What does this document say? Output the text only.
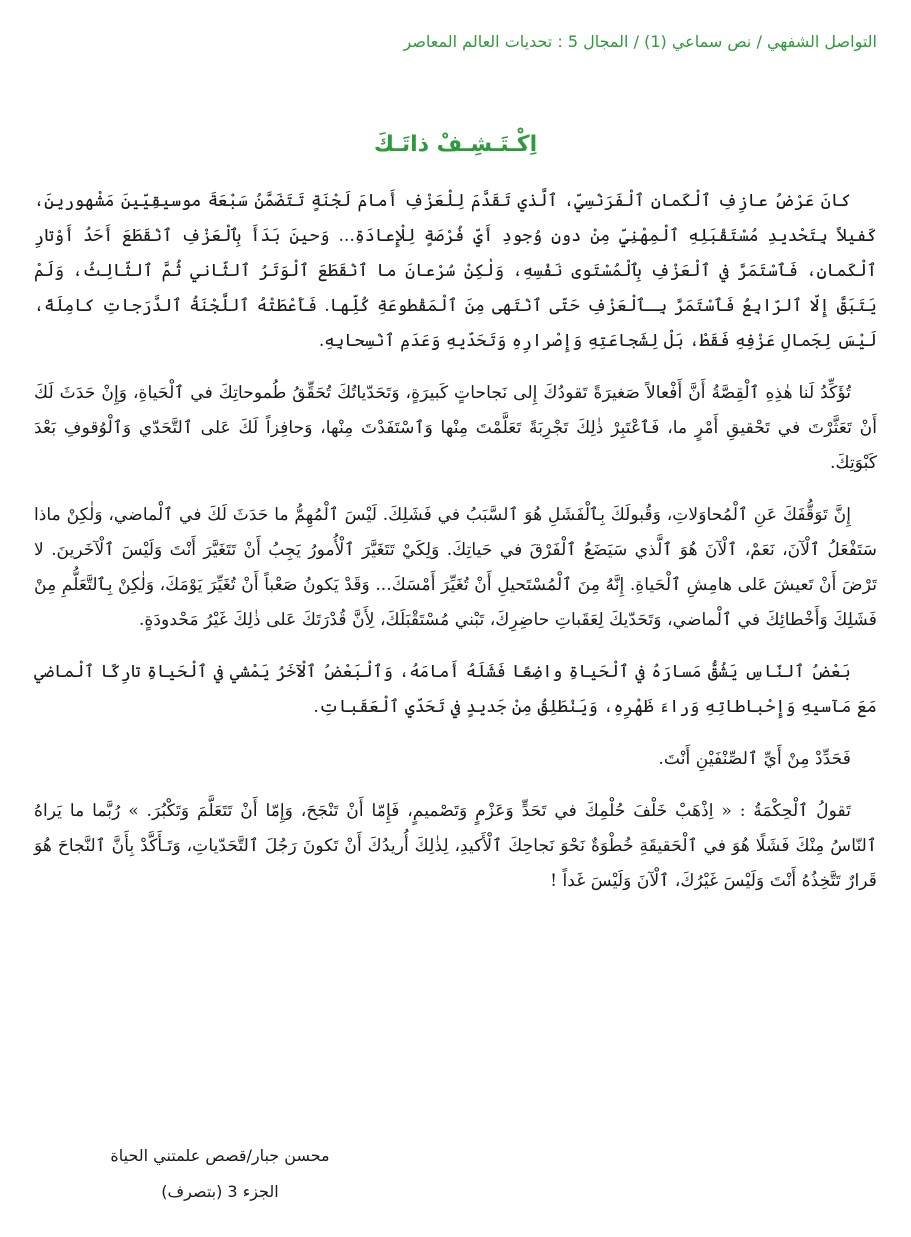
التواصل الشفهي / نص سماعي (1) / المجال 5 : تحديات العالم المعاصر
اِكْـتَـشِـفْ ذاتَـكَ

كانَ عَرْضُ عازِفِ ٱلْكَمانِ ٱلْفَرَنْسِيِّ، ٱلَّذي تَقَدَّمَ لِلْعَزْفِ أَمامَ لَجْنَةٍ تَتَضَمَّنُ سَبْعَةَ موسيقِيّينَ مَشْهورينَ، كَفيلاً بِتَحْديدِ مُسْتَقْبَلِهِ ٱلْمِهْنِيِّ مِنْ دونِ وُجودِ أَيِّ فُرْصَةٍ لِلْإِعادَةِ... وَحينَ بَدَأَ بِٱلْعَزْفِ ٱنْقَطَعَ أَحَدُ أَوْتارِ ٱلْكَمانِ، فَٱسْتَمَرَّ في ٱلْعَزْفِ بِٱلْمُسْتَوى نَفْسِهِ، وَلٰكِنْ سُرْعانَ ما ٱنْقَطَعَ ٱلْوَتَرُ ٱلثّاني ثُمَّ ٱلثّالِثُ، وَلَمْ يَتَبَقَّ إِلّا ٱلرّابِعُ فَٱسْتَمَرَّ بِـٱلْعَزْفِ حَتّى ٱنْتَهى مِنَ ٱلْمَقْطوعَةِ كُلِّها. فَأَعْطَتْهُ ٱللَّجْنَةُ ٱلدَّرَجاتِ كامِلَةً، لَيْسَ لِجَمالِ عَزْفِهِ فَقَطْ، بَلْ لِشَجاعَتِهِ وَإِصْرارِهِ وَتَحَدّيهِ وَعَدَمِ ٱنْسِحابِهِ.

تُؤَكِّدُ لَنا هٰذِهِ ٱلْقِصَّةُ أَنَّ أَفْعالاً صَغيرَةً تَقودُكَ إِلى نَجاحاتٍ كَبيرَةٍ، وَتَحَدّياتُكَ تُحَقِّقُ طُموحاتِكَ في ٱلْحَياةِ، وَإِنْ حَدَثَ لَكَ أَنْ تَعَثَّرْتَ في تَحْقيقِ أَمْرٍ ما، فَٱعْتَبِرْ ذٰلِكَ تَجْرِبَةً تَعَلَّمْتَ مِنْها وَٱسْتَفَدْتَ مِنْها، وَحافِزاً لَكَ عَلى ٱلتَّحَدّي وَٱلْوُقوفِ بَعْدَ كَبْوَتِكَ.

إِنَّ تَوَقُّفَكَ عَنِ ٱلْمُحاوَلاتِ، وَقُبولَكَ بِٱلْفَشَلِ هُوَ ٱلسَّبَبُ في فَشَلِكَ. لَيْسَ ٱلْمُهِمُّ ما حَدَثَ لَكَ في ٱلْماضي، وَلٰكِنْ ماذا سَتَفْعَلُ ٱلْآنَ، نَعَمْ، ٱلْآنَ هُوَ ٱلَّذي سَيَضَعُ ٱلْفَرْقَ في حَياتِكَ. وَلِكَيْ تَتَغَيَّرَ ٱلْأُمورُ يَجِبُ أَنْ تَتَغَيَّرَ أَنْتَ وَلَيْسَ ٱلْآخَرينَ. لا تَرْضَ أَنْ تَعيشَ عَلى هامِشِ ٱلْحَياةِ. إِنَّهُ مِنَ ٱلْمُسْتَحيلِ أَنْ تُغَيِّرَ أَمْسَكَ... وَقَدْ يَكونُ صَعْباً أَنْ تُغَيِّرَ يَوْمَكَ، وَلٰكِنْ بِٱلتَّعَلُّمِ مِنْ فَشَلِكَ وَأَخْطائِكَ في ٱلْماضي، وَتَحَدّيكَ لِعَقَباتِ حاضِرِكَ، تَبْني مُسْتَقْبَلَكَ، لِأَنَّ قُدْرَتَكَ عَلى ذٰلِكَ غَيْرُ مَحْدودَةٍ.

بَعْضُ ٱلنّاسِ يَشُقُّ مَسارَهُ في ٱلْحَياةِ واضِعًا فَشَلَهُ أَمامَهُ، وَٱلْبَعْضُ ٱلْآخَرُ يَمْشي في ٱلْحَياةِ تارِكًا ٱلْماضي مَعَ مَآسيهِ وَإِحْباطاتِهِ وَراءَ ظَهْرِهِ، وَيَنْطَلِقُ مِنْ جَديدٍ في تَحَدّي ٱلْعَقَباتِ.

فَحَدِّدْ مِنْ أَيِّ ٱلصِّنْفَيْنِ أَنْتَ.

تَقولُ ٱلْحِكْمَةُ : « اِذْهَبْ خَلْفَ حُلْمِكَ في تَحَدٍّ وَعَزْمٍ وَتَصْميمٍ، فَإِمّا أَنْ تَنْجَحَ، وَإِمّا أَنْ تَتَعَلَّمَ وَتَكْبُرَ. » رُبَّما ما يَراهُ ٱلنّاسُ مِنْكَ فَشَلًا هُوَ في ٱلْحَقيقَةِ خُطْوَةٌ نَحْوَ نَجاحِكَ ٱلْأَكيدِ، لِذٰلِكَ أُريدُكَ أَنْ تَكونَ رَجُلَ ٱلتَّحَدّياتِ، وَتَـأَكَّدْ بِأَنَّ ٱلنَّجاحَ هُوَ قَرارٌ تَتَّخِذُهُ أَنْتَ وَلَيْسَ غَيْرُكَ، ٱلْآنَ وَلَيْسَ غَداً !

محسن جبار/قصص علمتني الحياة
الجزء 3 (بتصرف)
